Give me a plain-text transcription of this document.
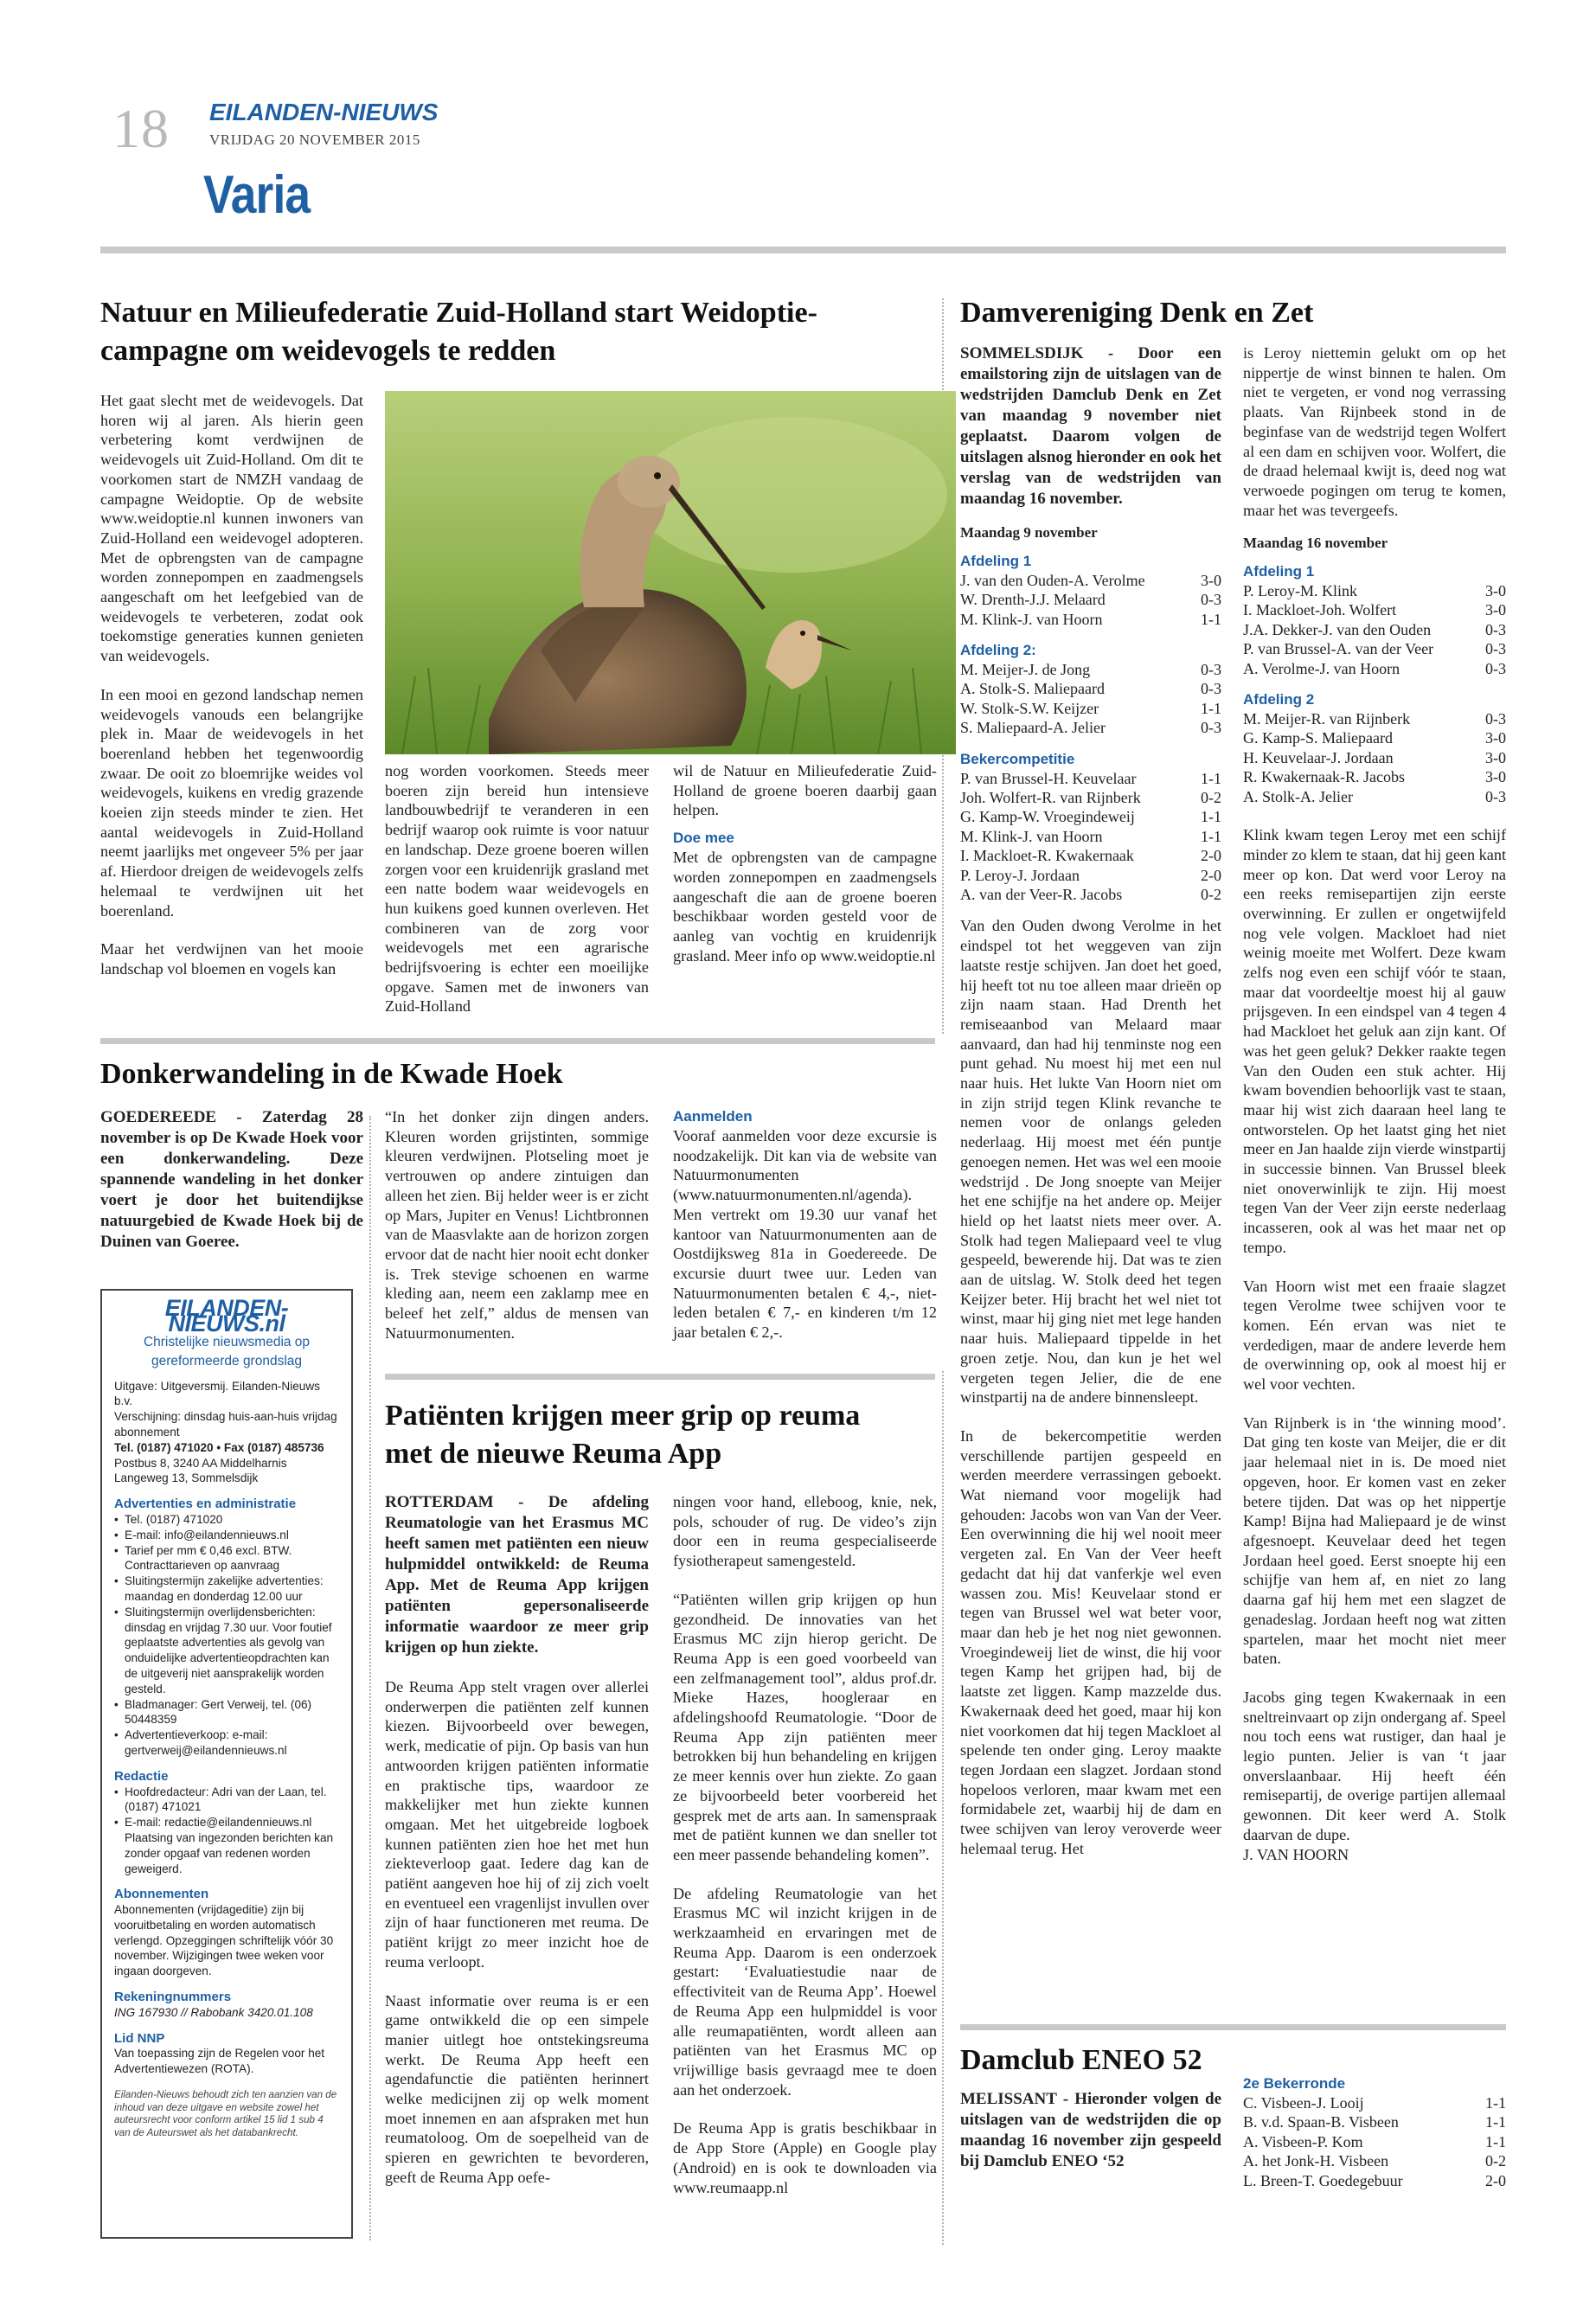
18 EILANDEN-NIEUWS
VRIJDAG 20 NOVEMBER 2015
Varia
Natuur en Milieufederatie Zuid-Holland start Weidoptie-
campagne om weidevogels te redden

Het gaat slecht met de weidevogels. Dat horen wij al jaren. Als hierin geen verbetering komt verdwijnen de weidevogels uit Zuid-Holland. Om dit te voorkomen start de NMZH vandaag de campagne Weidoptie. Op de website www.weidoptie.nl kunnen inwoners van Zuid-Holland een weidevogel adopteren. Met de opbrengsten van de campagne worden zonnepompen en zaadmengsels aangeschaft om het leefgebied van de weidevogels te verbeteren, zodat ook toekomstige generaties kunnen genieten van weidevogels.

In een mooi en gezond landschap nemen weidevogels vanouds een belangrijke plek in. Maar de weidevogels in het boerenland hebben het tegenwoordig zwaar. De ooit zo bloemrijke weides vol weidevogels, kuikens en vredig grazende koeien zijn steeds minder te zien. Het aantal weidevogels in Zuid-Holland neemt jaarlijks met ongeveer 5% per jaar af. Hierdoor dreigen de weidevogels zelfs helemaal te verdwijnen uit het boerenland.

Maar het verdwijnen van het mooie landschap vol bloemen en vogels kan

nog worden voorkomen. Steeds meer boeren zijn bereid hun intensieve landbouwbedrijf te veranderen in een bedrijf waarop ook ruimte is voor natuur en landschap. Deze groene boeren willen zorgen voor een kruidenrijk grasland met een natte bodem waar weidevogels en hun kuikens goed kunnen overleven. Het combineren van de zorg voor weidevogels met een agrarische bedrijfsvoering is echter een moeilijke opgave. Samen met de inwoners van Zuid-Holland

wil de Natuur en Milieufederatie Zuid-Holland de groene boeren daarbij gaan helpen.

Doe mee

Met de opbrengsten van de campagne worden zonnepompen en zaadmengsels aangeschaft die aan de groene boeren beschikbaar worden gesteld voor de aanleg van vochtig en kruidenrijk grasland. Meer info op www.weidoptie.nl

Donkerwandeling in de Kwade Hoek
GOEDEREEDE - Zaterdag 28 november is op De Kwade Hoek voor een donkerwandeling. Deze spannende wandeling in het donker voert je door het buitendijkse natuurgebied de Kwade Hoek bij de Duinen van Goeree.

“In het donker zijn dingen anders. Kleuren worden grijstinten, sommige kleuren verdwijnen. Plotseling moet je vertrouwen op andere zintuigen dan alleen het zien. Bij helder weer is er zicht op Mars, Jupiter en Venus! Lichtbronnen van de Maasvlakte aan de horizon zorgen ervoor dat de nacht hier nooit echt donker is. Trek stevige schoenen en warme kleding aan, neem een zaklamp mee en beleef het zelf,” aldus de mensen van Natuurmonumenten.

Aanmelden

Vooraf aanmelden voor deze excursie is noodzakelijk. Dit kan via de website van Natuurmonumenten (www.natuurmonumenten.nl/agenda). Men vertrekt om 19.30 uur vanaf het kantoor van Natuurmonumenten aan de Oostdijksweg 81a in Goedereede. De excursie duurt twee uur. Leden van Natuurmonumenten betalen € 4,-, niet-leden betalen € 7,- en kinderen t/m 12 jaar betalen € 2,-.

EILANDEN-NIEUWS.nl
Christelijke nieuwsmedia op
gereformeerde grondslag
Uitgave: Uitgeversmij. Eilanden-Nieuws b.v.
Verschijning: dinsdag huis-aan-huis vrijdag abonnement
Tel. (0187) 471020 • Fax (0187) 485736
Postbus 8, 3240 AA Middelharnis
Langeweg 13, Sommelsdijk
Advertenties en administratie
• Tel. (0187) 471020
• E-mail: info@eilandennieuws.nl
• Tarief per mm € 0,46 excl. BTW. Contracttarieven op aanvraag
• Sluitingstermijn zakelijke advertenties: maandag en donderdag 12.00 uur
• Sluitingstermijn overlijdensberichten: dinsdag en vrijdag 7.30 uur. Voor foutief geplaatste advertenties als gevolg van onduidelijke advertentieopdrachten kan de uitgeverij niet aansprakelijk worden gesteld.
• Bladmanager: Gert Verweij, tel. (06) 50448359
• Advertentieverkoop: e-mail: gertverweij@eilandennieuws.nl
Redactie
• Hoofdredacteur: Adri van der Laan, tel. (0187) 471021
• E-mail: redactie@eilandennieuws.nl Plaatsing van ingezonden berichten kan zonder opgaaf van redenen worden geweigerd.
Abonnementen
Abonnementen (vrijdageditie) zijn bij vooruitbetaling en worden automatisch verlengd. Opzeggingen schriftelijk vóór 30 november. Wijzigingen twee weken voor ingaan doorgeven.
Rekeningnummers
ING 167930 // Rabobank 3420.01.108
Lid NNP
Van toepassing zijn de Regelen voor het Advertentiewezen (ROTA).
Eilanden-Nieuws behoudt zich ten aanzien van de inhoud van deze uitgave en website zowel het auteursrecht voor conform artikel 15 lid 1 sub 4 van de Auteurswet als het databankrecht.
Patiënten krijgen meer grip op reuma
met de nieuwe Reuma App

ROTTERDAM - De afdeling Reumatologie van het Erasmus MC heeft samen met patiënten een nieuw hulpmiddel ontwikkeld: de Reuma App. Met de Reuma App krijgen patiënten gepersonaliseerde informatie waardoor ze meer grip krijgen op hun ziekte.

De Reuma App stelt vragen over allerlei onderwerpen die patiënten zelf kunnen kiezen. Bijvoorbeeld over bewegen, werk, medicatie of pijn. Op basis van hun antwoorden krijgen patiënten informatie en praktische tips, waardoor ze makkelijker met hun ziekte kunnen omgaan. Met het uitgebreide logboek kunnen patiënten zien hoe het met hun ziekteverloop gaat. Iedere dag kan de patiënt aangeven hoe hij of zij zich voelt en eventueel een vragenlijst invullen over zijn of haar functioneren met reuma. De patiënt krijgt zo meer inzicht hoe de reuma verloopt.

Naast informatie over reuma is er een game ontwikkeld die op een simpele manier uitlegt hoe ontstekingsreuma werkt. De Reuma App heeft een agendafunctie die patiënten herinnert welke medicijnen zij op welk moment moet innemen en aan afspraken met hun reumatoloog. Om de soepelheid van de spieren en gewrichten te bevorderen, geeft de Reuma App oefe-

ningen voor hand, elleboog, knie, nek, pols, schouder of rug. De video’s zijn door een in reuma gespecialiseerde fysiotherapeut samengesteld.

“Patiënten willen grip krijgen op hun gezondheid. De innovaties van het Erasmus MC zijn hierop gericht. De Reuma App is een goed voorbeeld van een zelfmanagement tool”, aldus prof.dr. Mieke Hazes, hoogleraar en afdelingshoofd Reumatologie. “Door de Reuma App zijn patiënten meer betrokken bij hun behandeling en krijgen ze meer kennis over hun ziekte. Zo gaan ze bijvoorbeeld beter voorbereid het gesprek met de arts aan. In samenspraak met de patiënt kunnen we dan sneller tot een meer passende behandeling komen”.

De afdeling Reumatologie van het Erasmus MC wil inzicht krijgen in de werkzaamheid en ervaringen met de Reuma App. Daarom is een onderzoek gestart: ‘Evaluatiestudie naar de effectiviteit van de Reuma App’. Hoewel de Reuma App een hulpmiddel is voor alle reumapatiënten, wordt alleen aan patiënten van het Erasmus MC op vrijwillige basis gevraagd mee te doen aan het onderzoek.

De Reuma App is gratis beschikbaar in de App Store (Apple) en Google play (Android) en is ook te downloaden via www.reumaapp.nl

Damvereniging Denk en Zet

SOMMELSDIJK - Door een emailstoring zijn de uitslagen van de wedstrijden Damclub Denk en Zet van maandag 9 november niet geplaatst. Daarom volgen de uitslagen alsnog hieronder en ook het verslag van de wedstrijden van maandag 16 november.

Maandag 9 november
Afdeling 1
J. van den Ouden-A. Verolme	3-0
W. Drenth-J.J. Melaard	0-3
M. Klink-J. van Hoorn	1-1
Afdeling 2:
M. Meijer-J. de Jong	0-3
A. Stolk-S. Maliepaard	0-3
W. Stolk-S.W. Keijzer	1-1
S. Maliepaard-A. Jelier	0-3
Bekercompetitie
P. van Brussel-H. Keuvelaar	1-1
Joh. Wolfert-R. van Rijnberk	0-2
G. Kamp-W. Vroegindeweij	1-1
M. Klink-J. van Hoorn	1-1
I. Mackloet-R. Kwakernaak	2-0
P. Leroy-J. Jordaan	2-0
A. van der Veer-R. Jacobs	0-2

Van den Ouden dwong Verolme in het eindspel tot het weggeven van zijn laatste restje schijven. Jan doet het goed, hij heeft tot nu toe alleen maar drieën op zijn naam staan. Had Drenth het remiseaanbod van Melaard maar aanvaard, dan had hij tenminste nog een punt gehad. Nu moest hij met een nul naar huis. Het lukte Van Hoorn niet om in zijn strijd tegen Klink revanche te nemen voor de onlangs geleden nederlaag. Hij moest met één puntje genoegen nemen. Het was wel een mooie wedstrijd . De Jong snoepte van Meijer het ene schijfje na het andere op. Meijer hield op het laatst niets meer over. A. Stolk had tegen Maliepaard veel te vlug gespeeld, bewerende hij. Dat was te zien aan de uitslag. W. Stolk deed het tegen Keijzer beter. Hij bracht het wel niet tot winst, maar hij ging niet met lege handen naar huis. Maliepaard tippelde in het groen zetje. Nou, dan kun je het wel vergeten tegen Jelier, die de ene winstpartij na de andere binnensleept.

In de bekercompetitie werden verschillende partijen gespeeld en werden meerdere verrassingen geboekt. Wat niemand voor mogelijk had gehouden: Jacobs won van Van der Veer. Een overwinning die hij wel nooit meer vergeten zal. En Van der Veer heeft gedacht dat hij dat vanferkje wel even wassen zou. Mis! Keuvelaar stond er tegen van Brussel wel wat beter voor, maar dan heb je het nog niet gewonnen. Vroegindeweij liet de winst, die hij voor tegen Kamp het grijpen had, bij de laatste zet liggen. Kamp mazzelde dus. Kwakernaak deed het goed, maar hij kon niet voorkomen dat hij tegen Mackloet al spelende ten onder ging. Leroy maakte tegen Jordaan een slagzet. Jordaan stond hopeloos verloren, maar kwam met een formidabele zet, waarbij hij de dam en twee schijven van leroy veroverde weer helemaal terug. Het

is Leroy niettemin gelukt om op het nippertje de winst binnen te halen. Om niet te vergeten, er vond nog verrassing plaats. Van Rijnbeek stond in de beginfase van de wedstrijd tegen Wolfert al een dam en schijven voor. Wolfert, die de draad helemaal kwijt is, deed nog wat verwoede pogingen om terug te komen, maar het was tevergeefs.

Maandag 16 november
Afdeling 1
P. Leroy-M. Klink	3-0
I. Mackloet-Joh. Wolfert	3-0
J.A. Dekker-J. van den Ouden	0-3
P. van Brussel-A. van der Veer	0-3
A. Verolme-J. van Hoorn	0-3
Afdeling 2
M. Meijer-R. van Rijnberk	0-3
G. Kamp-S. Maliepaard	3-0
H. Keuvelaar-J. Jordaan	3-0
R. Kwakernaak-R. Jacobs	3-0
A. Stolk-A. Jelier	0-3

Klink kwam tegen Leroy met een schijf minder zo klem te staan, dat hij geen kant meer op kon. Dat werd voor Leroy na een reeks remisepartijen zijn eerste overwinning. Er zullen er ongetwijfeld nog vele volgen. Mackloet had niet weinig moeite met Wolfert. Deze kwam zelfs nog even een schijf vóór te staan, maar dat voordeeltje moest hij al gauw prijsgeven. In een eindspel van 4 tegen 4 had Mackloet het geluk aan zijn kant. Of was het geen geluk? Dekker raakte tegen Van den Ouden een stuk achter. Hij kwam bovendien behoorlijk vast te staan, maar hij wist zich daaraan heel lang te ontworstelen. Op het laatst ging het niet meer en Jan haalde zijn vierde winstpartij in successie binnen. Van Brussel bleek niet onoverwinlijk te zijn. Hij moest tegen Van der Veer zijn eerste nederlaag incasseren, ook al was het maar net op tempo.

Van Hoorn wist met een fraaie slagzet tegen Verolme twee schijven voor te komen. Eén ervan was niet te verdedigen, maar de andere leverde hem de overwinning op, ook al moest hij er wel voor vechten.

Van Rijnberk is in ‘the winning mood’. Dat ging ten koste van Meijer, die er dit jaar helemaal niet in is. De moed niet opgeven, hoor. Er komen vast en zeker betere tijden. Dat was op het nippertje Kamp! Bijna had Maliepaard je de winst afgesnoept. Keuvelaar deed het tegen Jordaan heel goed. Eerst snoepte hij een schijfje van hem af, en niet zo lang daarna gaf hij hem met een slagzet de genadeslag. Jordaan heeft nog wat zitten spartelen, maar het mocht niet meer baten.

Jacobs ging tegen Kwakernaak in een sneltreinvaart op zijn ondergang af. Speel nou toch eens wat rustiger, dan haal je legio punten. Jelier is van ‘t jaar onverslaanbaar. Hij heeft één remisepartij, de overige partijen allemaal gewonnen. Dit keer werd A. Stolk daarvan de dupe.

J. VAN HOORN
Damclub ENEO 52
MELISSANT - Hieronder volgen de uitslagen van de wedstrijden die op maandag 16 november zijn gespeeld bij Damclub ENEO ‘52
2e Bekerronde
C. Visbeen-J. Looij	1-1
B. v.d. Spaan-B. Visbeen	1-1
A. Visbeen-P. Kom	1-1
A. het Jonk-H. Visbeen	0-2
L. Breen-T. Goedegebuur	2-0
